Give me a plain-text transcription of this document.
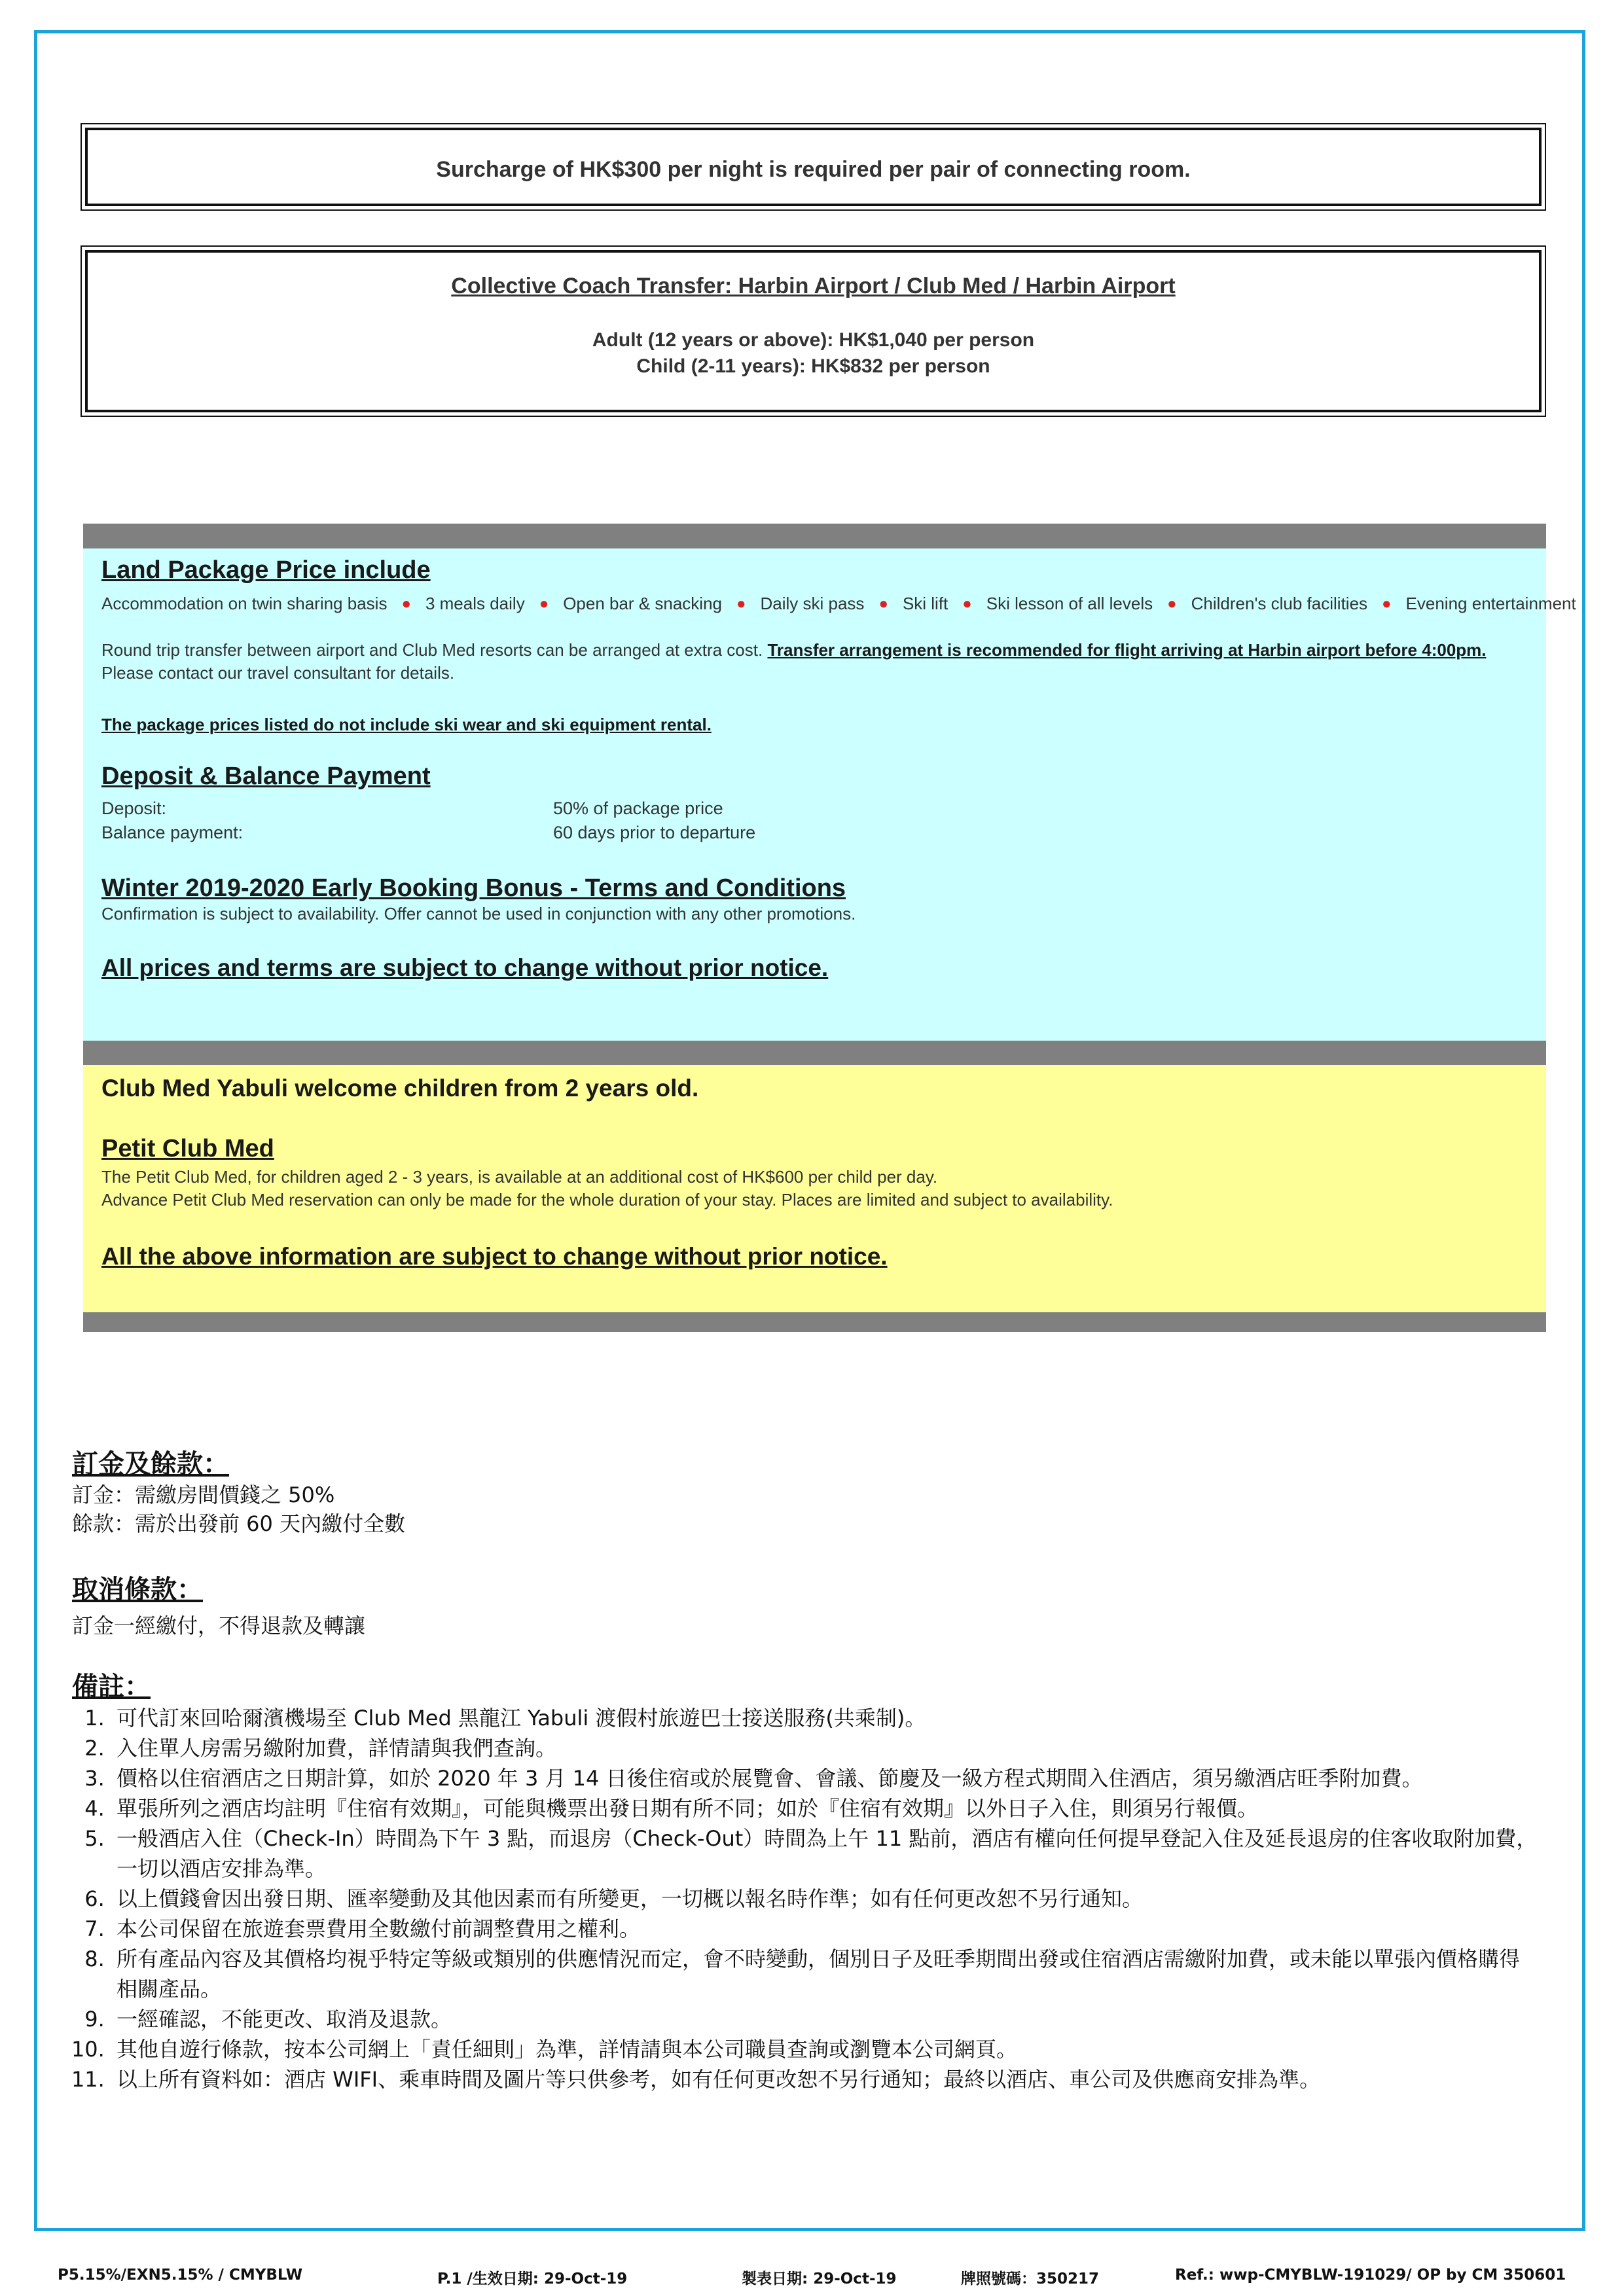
Surcharge of HK$300 per night is required per pair of connecting room.
Collective Coach Transfer: Harbin Airport / Club Med / Harbin Airport
Adult (12 years or above): HK$1,040 per person
Child (2-11 years): HK$832 per person
Land Package Price include
Accommodation on twin sharing basis ● 3 meals daily ● Open bar & snacking ● Daily ski pass ● Ski lift ● Ski lesson of all levels ● Children's club facilities ● Evening entertainment
Round trip transfer between airport and Club Med resorts can be arranged at extra cost. Transfer arrangement is recommended for flight arriving at Harbin airport before 4:00pm.
Please contact our travel consultant for details.
The package prices listed do not include ski wear and ski equipment rental.
Deposit & Balance Payment
Deposit:	50% of package price
Balance payment:	60 days prior to departure
Winter 2019-2020 Early Booking Bonus - Terms and Conditions
Confirmation is subject to availability. Offer cannot be used in conjunction with any other promotions.
All prices and terms are subject to change without prior notice.
Club Med Yabuli welcome children from 2 years old.
Petit Club Med
The Petit Club Med, for children aged 2 - 3 years, is available at an additional cost of HK$600 per child per day.
Advance Petit Club Med reservation can only be made for the whole duration of your stay. Places are limited and subject to availability.
All the above information are subject to change without prior notice.
訂金及餘款：
訂金：需繳房間價錢之 50%
餘款：需於出發前 60 天內繳付全數
取消條款：
訂金一經繳付，不得退款及轉讓
備註：
1. 可代訂來回哈爾濱機場至 Club Med 黑龍江 Yabuli 渡假村旅遊巴士接送服務(共乘制)。
2. 入住單人房需另繳附加費，詳情請與我們查詢。
3. 價格以住宿酒店之日期計算，如於 2020 年 3 月 14 日後住宿或於展覽會、會議、節慶及一級方程式期間入住酒店，須另繳酒店旺季附加費。
4. 單張所列之酒店均註明『住宿有效期』，可能與機票出發日期有所不同；如於『住宿有效期』以外日子入住，則須另行報價。
5. 一般酒店入住（Check-In）時間為下午 3 點，而退房（Check-Out）時間為上午 11 點前，酒店有權向任何提早登記入住及延長退房的住客收取附加費，一切以酒店安排為準。
6. 以上價錢會因出發日期、匯率變動及其他因素而有所變更，一切概以報名時作準；如有任何更改恕不另行通知。
7. 本公司保留在旅遊套票費用全數繳付前調整費用之權利。
8. 所有產品內容及其價格均視乎特定等級或類別的供應情況而定，會不時變動，個別日子及旺季期間出發或住宿酒店需繳附加費，或未能以單張內價格購得相關產品。
9. 一經確認，不能更改、取消及退款。
10. 其他自遊行條款，按本公司網上「責任細則」為準，詳情請與本公司職員查詢或瀏覽本公司網頁。
11. 以上所有資料如：酒店 WIFI、乘車時間及圖片等只供參考，如有任何更改恕不另行通知；最終以酒店、車公司及供應商安排為準。
P5.15%/EXN5.15% / CMYBLW	P.1 /生效日期: 29-Oct-19	製表日期: 29-Oct-19	牌照號碼：350217	Ref.: wwp-CMYBLW-191029/ OP by CM 350601
